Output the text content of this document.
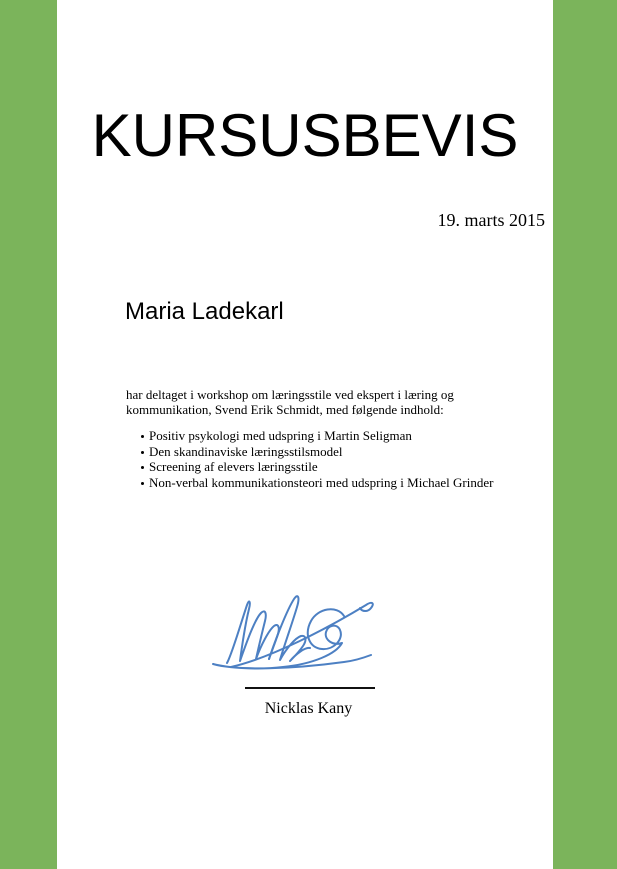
KURSUSBEVIS
19. marts 2015
Maria Ladekarl
har deltaget i workshop om læringsstile ved ekspert i læring og
kommunikation, Svend Erik Schmidt, med følgende indhold:
Positiv psykologi med udspring i Martin Seligman
Den skandinaviske læringsstilsmodel
Screening af elevers læringsstile
Non-verbal kommunikationsteori med udspring i Michael Grinder
Nicklas Kany
